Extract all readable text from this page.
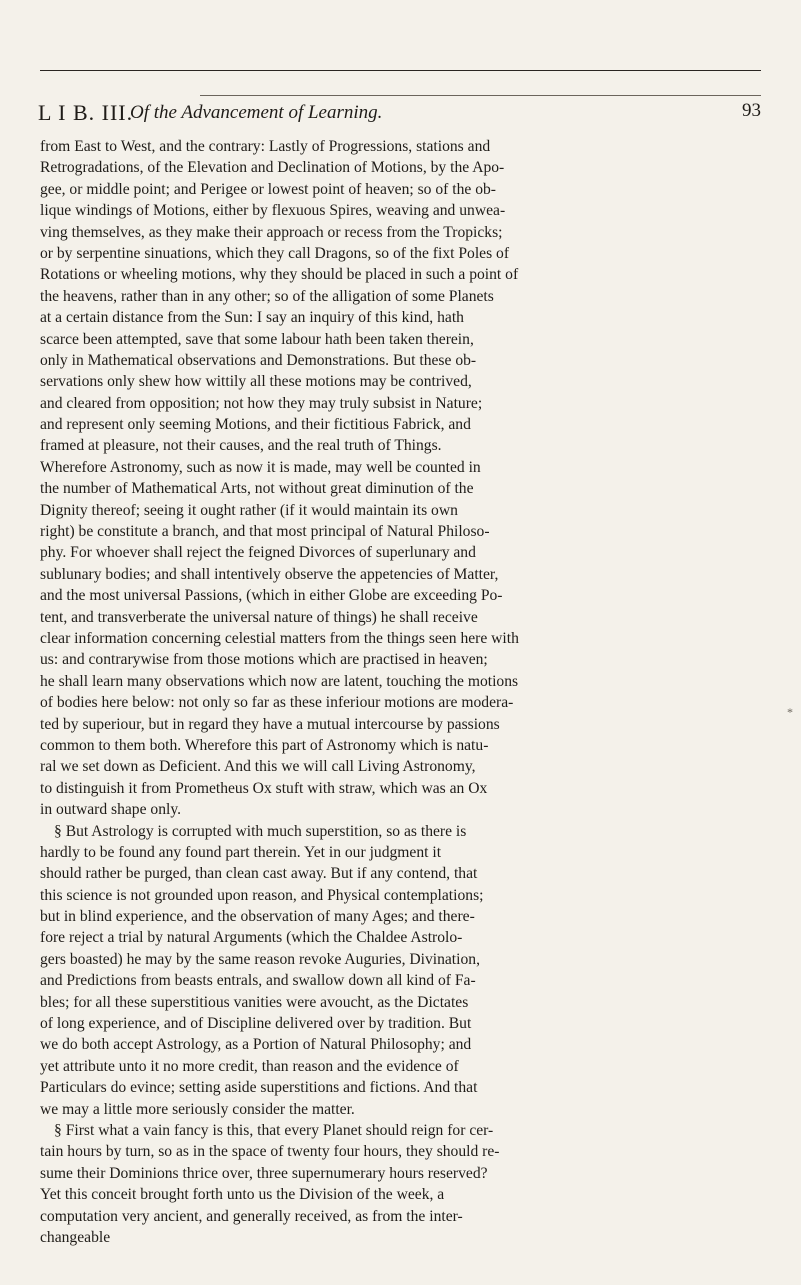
L I B. III.
Of the Advancement of Learning.	93
from East to West, and the contrary: Lastly of Progressions, stations and
Retrogradations, of the Elevation and Declination of Motions, by the Apo-
gee, or middle point; and Perigee or lowest point of heaven; so of the ob-
lique windings of Motions, either by flexuous Spires, weaving and unwea-
ving themselves, as they make their approach or recess from the Tropicks;
or by serpentine sinuations, which they call Dragons, so of the fixt Poles of
Rotations or wheeling motions, why they should be placed in such a point of
the heavens, rather than in any other; so of the alligation of some Planets
at a certain distance from the Sun: I say an inquiry of this kind, hath
scarce been attempted, save that some labour hath been taken therein,
only in Mathematical observations and Demonstrations. But these ob-
servations only shew how wittily all these motions may be contrived,
and cleared from opposition; not how they may truly subsist in Nature;
and represent only seeming Motions, and their fictitious Fabrick, and
framed at pleasure, not their causes, and the real truth of Things.
Wherefore Astronomy, such as now it is made, may well be counted in
the number of Mathematical Arts, not without great diminution of the
Dignity thereof; seeing it ought rather (if it would maintain its own
right) be constitute a branch, and that most principal of Natural Philoso-
phy. For whoever shall reject the feigned Divorces of superlunary and
sublunary bodies; and shall intentively observe the appetencies of Matter,
and the most universal Passions, (which in either Globe are exceeding Po-
tent, and transverberate the universal nature of things) he shall receive
clear information concerning celestial matters from the things seen here with
us: and contrarywise from those motions which are practised in heaven;
he shall learn many observations which now are latent, touching the motions
of bodies here below: not only so far as these inferiour motions are modera-
ted by superiour, but in regard they have a mutual intercourse by passions
common to them both. Wherefore this part of Astronomy which is natu-
ral we set down as Deficient. And this we will call Living Astronomy,
to distinguish it from Prometheus Ox stuft with straw, which was an Ox
in outward shape only.
§ But Astrology is corrupted with much superstition, so as there is
hardly to be found any found part therein. Yet in our judgment it
should rather be purged, than clean cast away. But if any contend, that
this science is not grounded upon reason, and Physical contemplations;
but in blind experience, and the observation of many Ages; and there-
fore reject a trial by natural Arguments (which the Chaldee Astrolo-
gers boasted) he may by the same reason revoke Auguries, Divination,
and Predictions from beasts entrals, and swallow down all kind of Fa-
bles; for all these superstitious vanities were avoucht, as the Dictates
of long experience, and of Discipline delivered over by tradition. But
we do both accept Astrology, as a Portion of Natural Philosophy; and
yet attribute unto it no more credit, than reason and the evidence of
Particulars do evince; setting aside superstitions and fictions. And that
we may a little more seriously consider the matter.
§ First what a vain fancy is this, that every Planet should reign for cer-
tain hours by turn, so as in the space of twenty four hours, they should re-
sume their Dominions thrice over, three supernumerary hours reserved?
Yet this conceit brought forth unto us the Division of the week, a
computation very ancient, and generally received, as from the inter-
changeable
*
